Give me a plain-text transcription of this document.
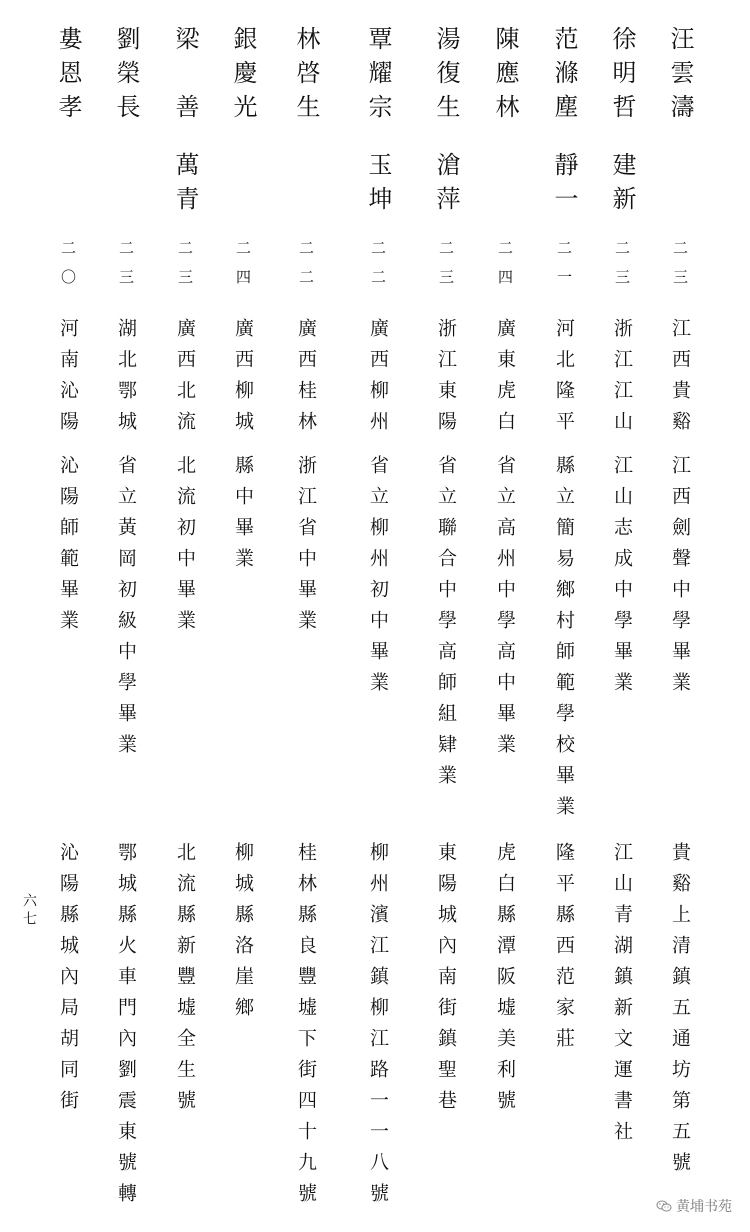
汪雲濤
二三
江西貴谿
江西劍聲中學畢業
貴谿上清鎮五通坊第五號
徐明哲
建新
二三
浙江江山
江山志成中學畢業
江山青湖鎮新文運書社
范滌塵
靜一
二一
河北隆平
縣立簡易鄉村師範學校畢業
隆平縣西范家莊
陳應林
二四
廣東虎白
省立高州中學高中畢業
虎白縣潭阪墟美利號
湯復生
滄萍
二三
浙江東陽
省立聯合中學高師組肄業
東陽城內南街鎮聖巷
覃耀宗
玉坤
二二
廣西柳州
省立柳州初中畢業
柳州濱江鎮柳江路一一八號
林啓生
二二
廣西桂林
浙江省中畢業
桂林縣良豐墟下街四十九號
銀慶光
二四
廣西柳城
縣中畢業
柳城縣洛崖鄉
梁　善
萬青
二三
廣西北流
北流初中畢業
北流縣新豐墟全生號
劉榮長
二三
湖北鄂城
省立黃岡初級中學畢業
鄂城縣火車門內劉震東號轉
婁恩孝
二〇
河南沁陽
沁陽師範畢業
沁陽縣城內局胡同街
六七
黄埔书苑
